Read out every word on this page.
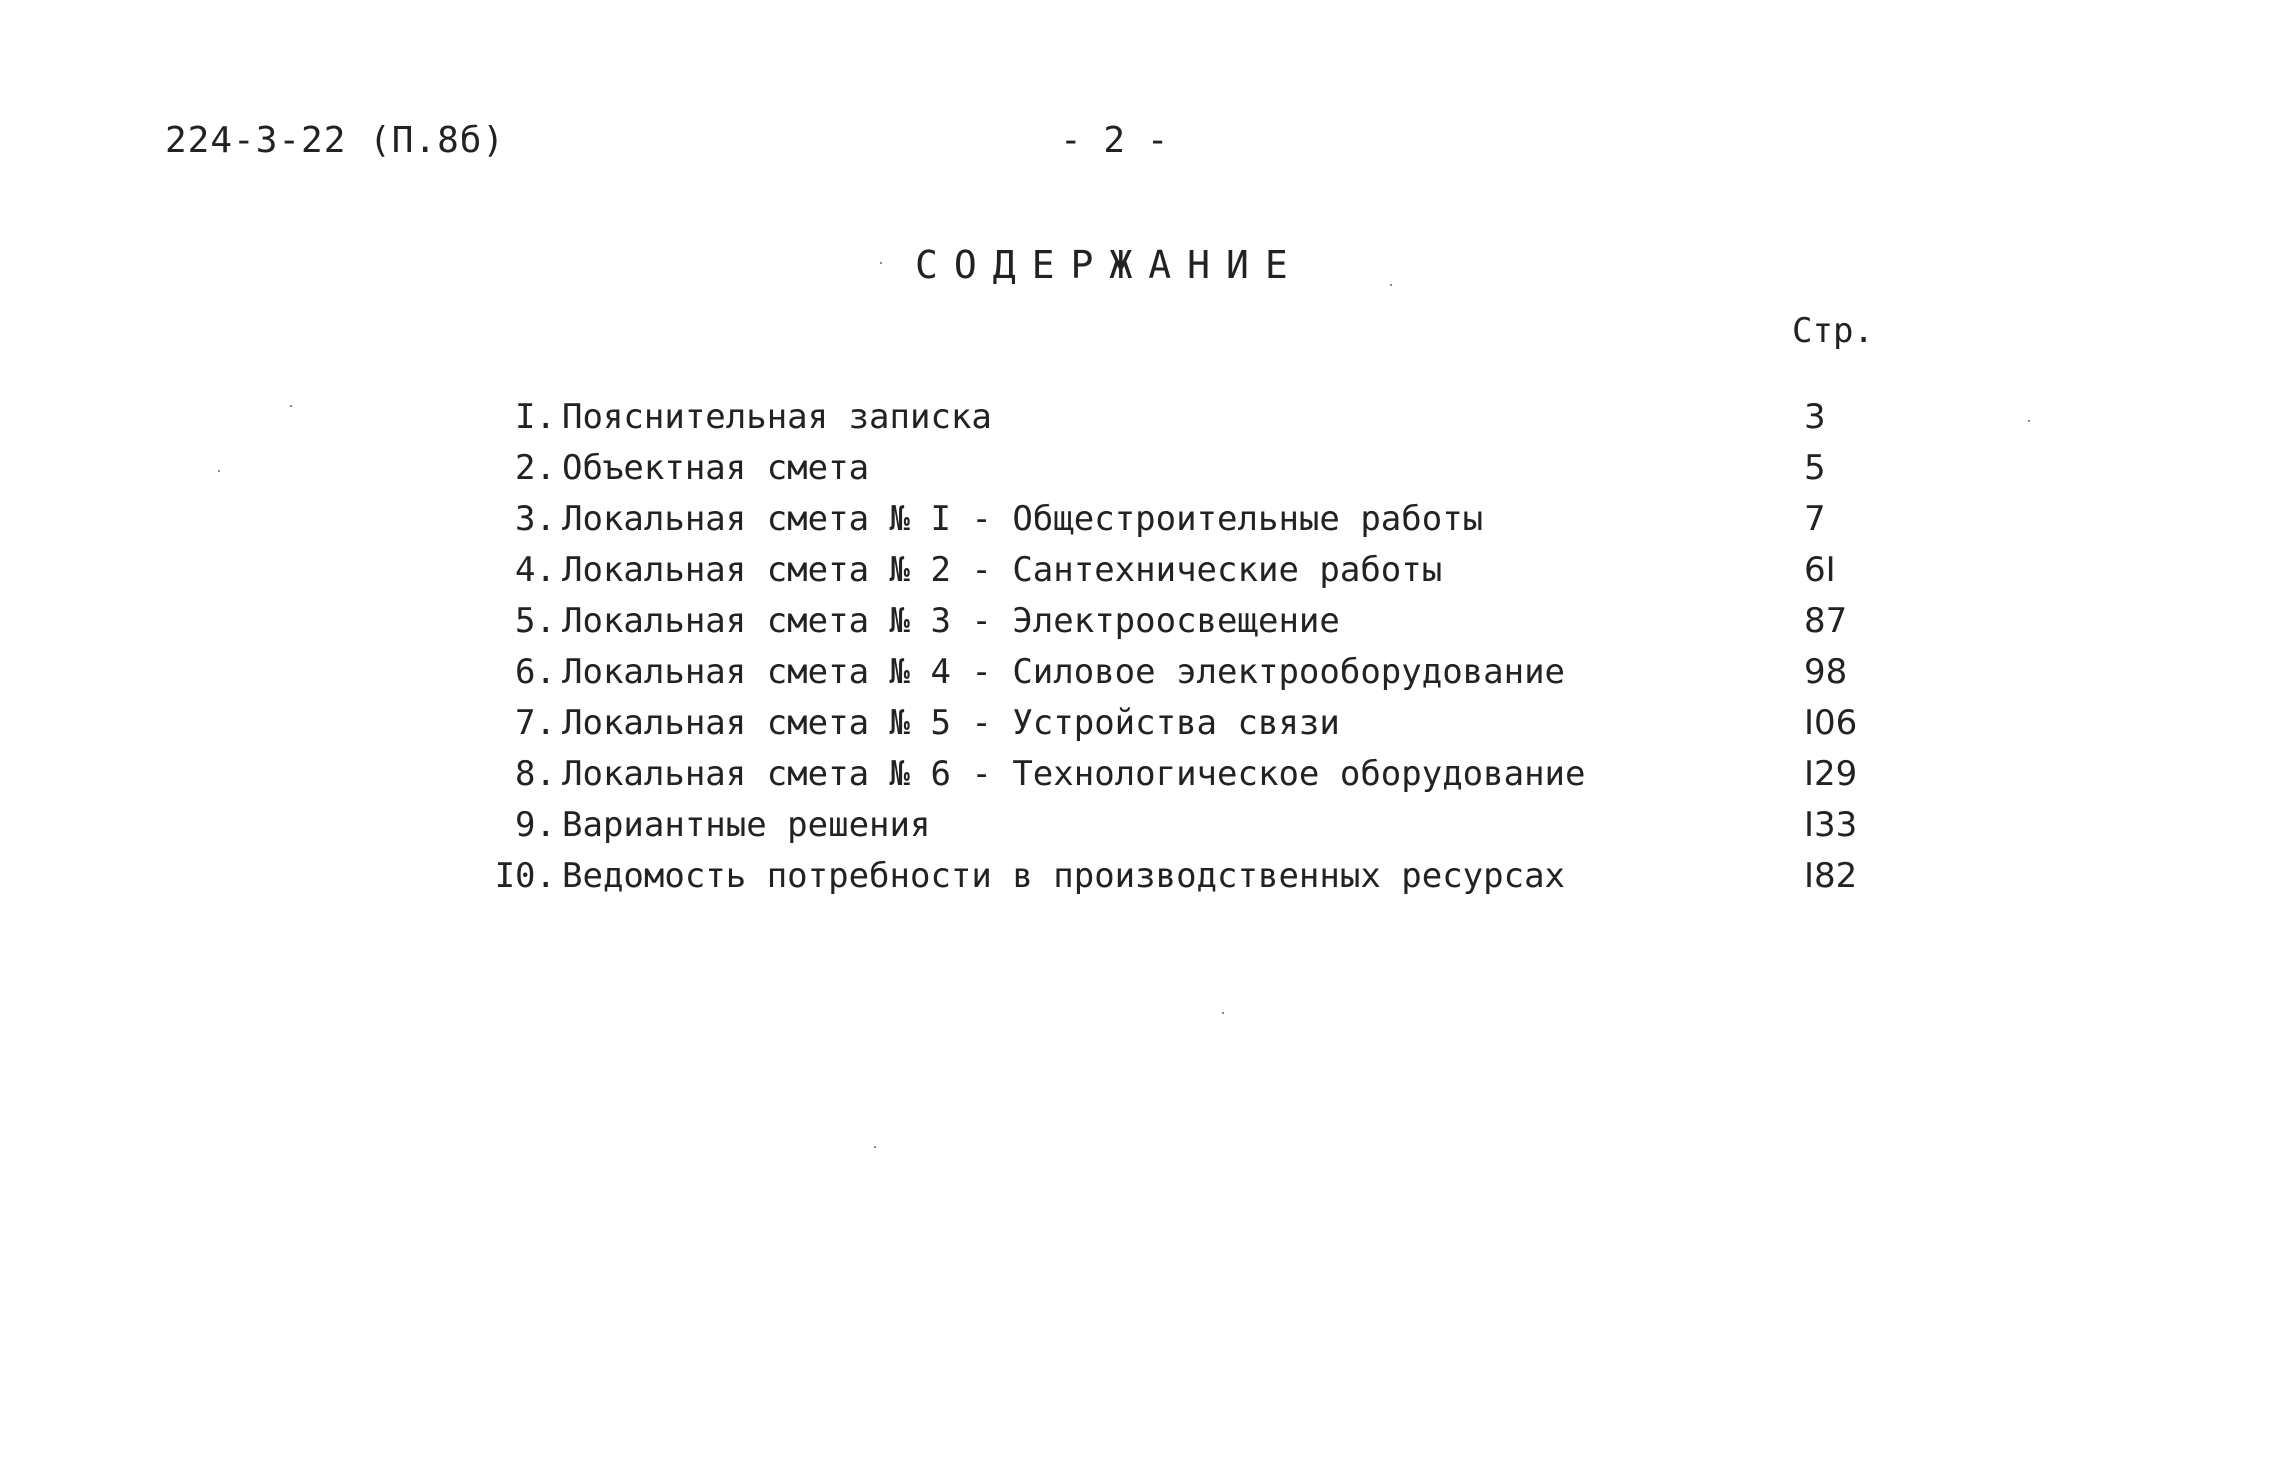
224-3-22 (П.8б)	- 2 -
СОДЕРЖАНИЕ
Стр.
I. Пояснительная записка	3
2. Объектная смета	5
3. Локальная смета № I - Общестроительные работы	7
4. Локальная смета № 2 - Сантехнические работы	6I
5. Локальная смета № 3 - Электроосвещение	87
6. Локальная смета № 4 - Силовое электрооборудование	98
7. Локальная смета № 5 - Устройства связи	I06
8. Локальная смета № 6 - Технологическое оборудование	I29
9. Вариантные решения	I33
I0. Ведомость потребности в производственных ресурсах	I82
